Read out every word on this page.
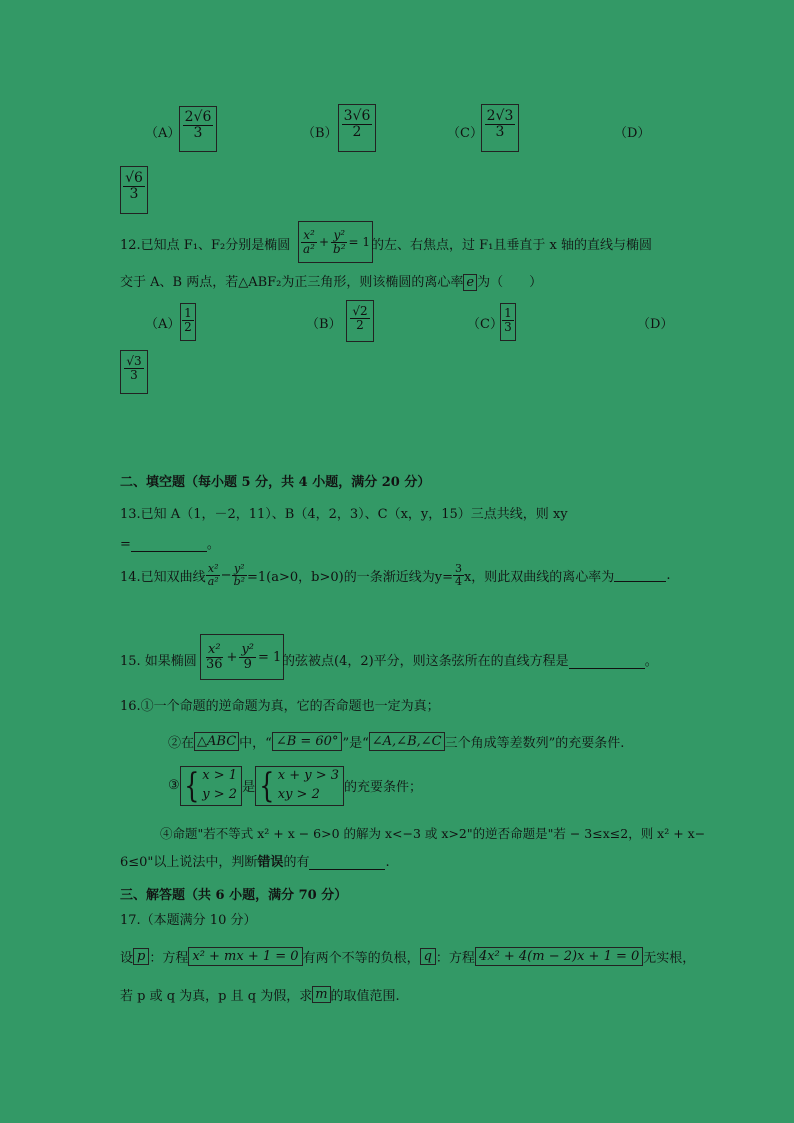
$(A) \frac{2√6}{3}$	$(B) \frac{3√6}{2}$	$(C) \frac{2√3}{3}$	（D）
$\frac{√6}{3}$
12.已知点 F₁、F₂分别是椭圆 $\frac{\text{x²}}{\text{a²}} + \frac{\text{y²}}{\text{b²}} = 1$ 的左、右焦点，过 F₁且垂直于 x 轴的直线与椭圆
交于 A、B 两点，若△ABF₂为正三角形，则该椭圆的离心率 e 为（　　）
$(A) \frac{1}{2}$	$(B) \frac{√2}{2}$	（C）
$\frac{1}{3}$	（D）
$\frac{√3}{3}$
二、填空题（每小题 5 分，共 4 小题，满分 20 分）
13.已知 A（1，－2，11）、B（4，2，3）、C（x，y，15）三点共线，则 xy
=	。
14.已知双曲线 $\frac{\text{x²}}{\text{a²}} - \frac{\text{y²}}{\text{b²}} =1(a>0$，b>0)的一条渐近线为$y= \frac{3}{4}$ x，则此双曲线的离心率为	.
15. 如果椭圆 $\frac{\text{x²}}{36} + \frac{\text{y²}}{9} = 1$ 的弦被点(4，2)平分，则这条弦所在的直线方程是	。
16.①一个命题的逆命题为真，它的否命题也一定为真；
②在 △ABC 中，“ ∠B = 60° ”是“ ∠A,∠B,∠C 三个角成等差数列”的充要条件.
③ { x > 1
y > 2 是 { x + y > 3
xy > 2	的充要条件；
④命题"若不等式 x² + x − 6>0 的解为 x<−3 或 x>2"的逆否命题是"若 − 3≤x≤2，则 x² + x−
6≤0"以上说法中，判断错误的有	.
三、解答题（共 6 小题，满分 70 分）
17.（本题满分 10 分）
设 p ：方程 x² + mx + 1 = 0 有两个不等的负根， q ：方程 4x² + 4(m − 2)x + 1 = 0 无实根，
若 p 或 q 为真，p 且 q 为假，求 m 的取值范围.
